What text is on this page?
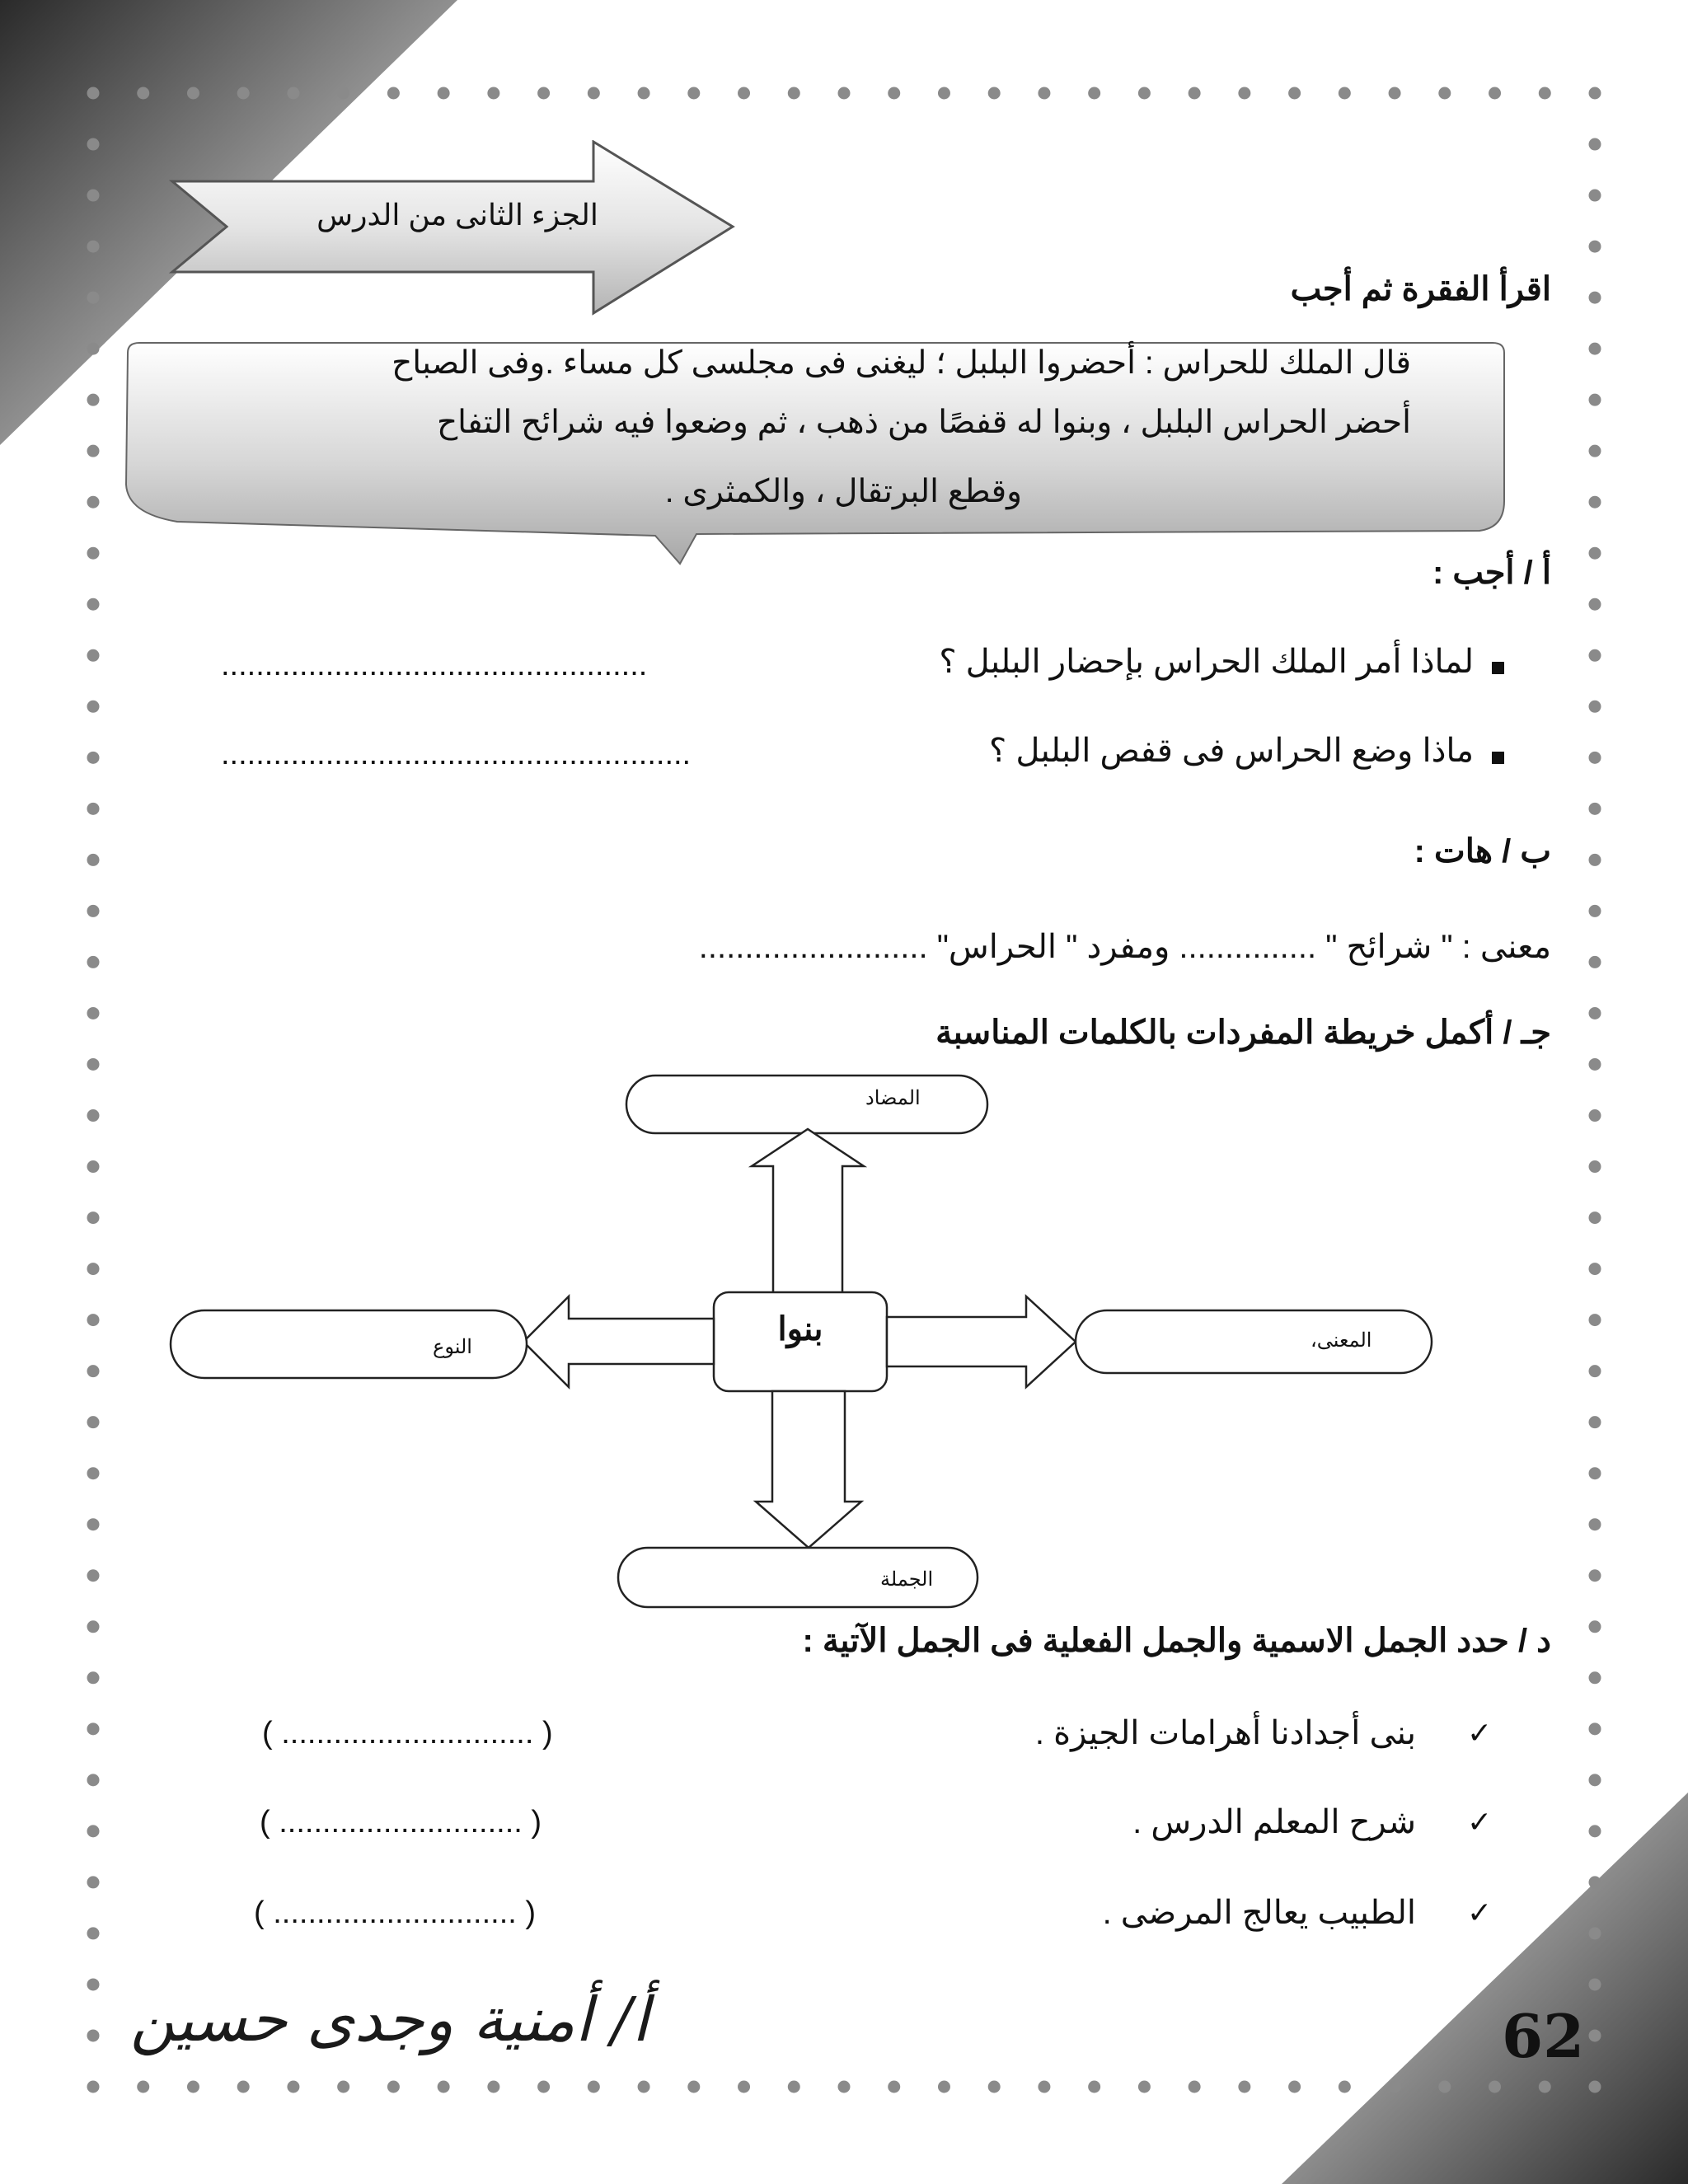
الجزء الثانى من الدرس
اقرأ الفقرة ثم أجب
قال الملك للحراس : أحضروا البلبل ؛ ليغنى فى مجلسى كل مساء .وفى الصباح
أحضر الحراس البلبل ، وبنوا له قفصًا من ذهب ، ثم وضعوا فيه شرائح التفاح
وقطع البرتقال ، والكمثرى .
أ / أجب :
لماذا أمر الملك الحراس بإحضار البلبل ؟
.................................................
ماذا وضع الحراس فى قفص البلبل ؟
......................................................
ب / هات :
معنى : " شرائح " ............... ومفرد " الحراس" .........................
جـ / أكمل خريطة المفردات بالكلمات المناسبة
المضاد
بنوا	المعنى،
النوع
الجملة
د / حدد الجمل الاسمية والجمل الفعلية فى الجمل الآتية :
✓
بنى أجدادنا أهرامات الجيزة .
( ............................. )
✓
شرح المعلم الدرس .
( ............................ )
✓
الطبيب يعالج المرضى .
( ............................ )
أ/ أمنية وجدى حسين	62
